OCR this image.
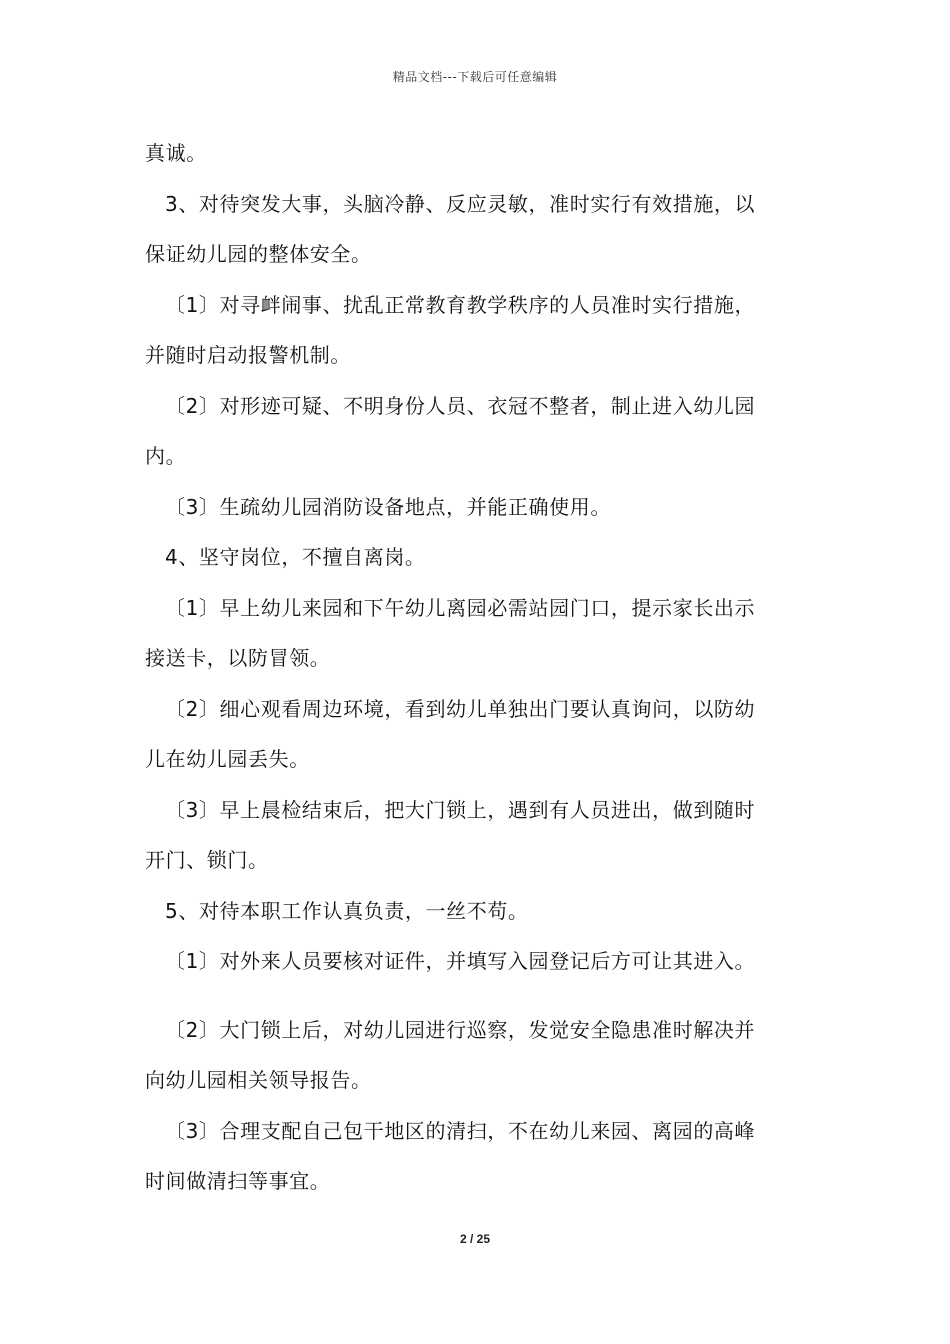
精品文档---下载后可任意编辑

真诚。

3、对待突发大事，头脑冷静、反应灵敏，准时实行有效措施，以

保证幼儿园的整体安全。

〔1〕对寻衅闹事、扰乱正常教育教学秩序的人员准时实行措施，

并随时启动报警机制。

〔2〕对形迹可疑、不明身份人员、衣冠不整者，制止进入幼儿园

内。

〔3〕生疏幼儿园消防设备地点，并能正确使用。

4、坚守岗位，不擅自离岗。

〔1〕早上幼儿来园和下午幼儿离园必需站园门口，提示家长出示

接送卡，以防冒领。

〔2〕细心观看周边环境，看到幼儿单独出门要认真询问，以防幼

儿在幼儿园丢失。

〔3〕早上晨检结束后，把大门锁上，遇到有人员进出，做到随时

开门、锁门。

5、对待本职工作认真负责，一丝不苟。

〔1〕对外来人员要核对证件，并填写入园登记后方可让其进入。

〔2〕大门锁上后，对幼儿园进行巡察，发觉安全隐患准时解决并

向幼儿园相关领导报告。

〔3〕合理支配自己包干地区的清扫，不在幼儿来园、离园的高峰

时间做清扫等事宜。

2 / 25
